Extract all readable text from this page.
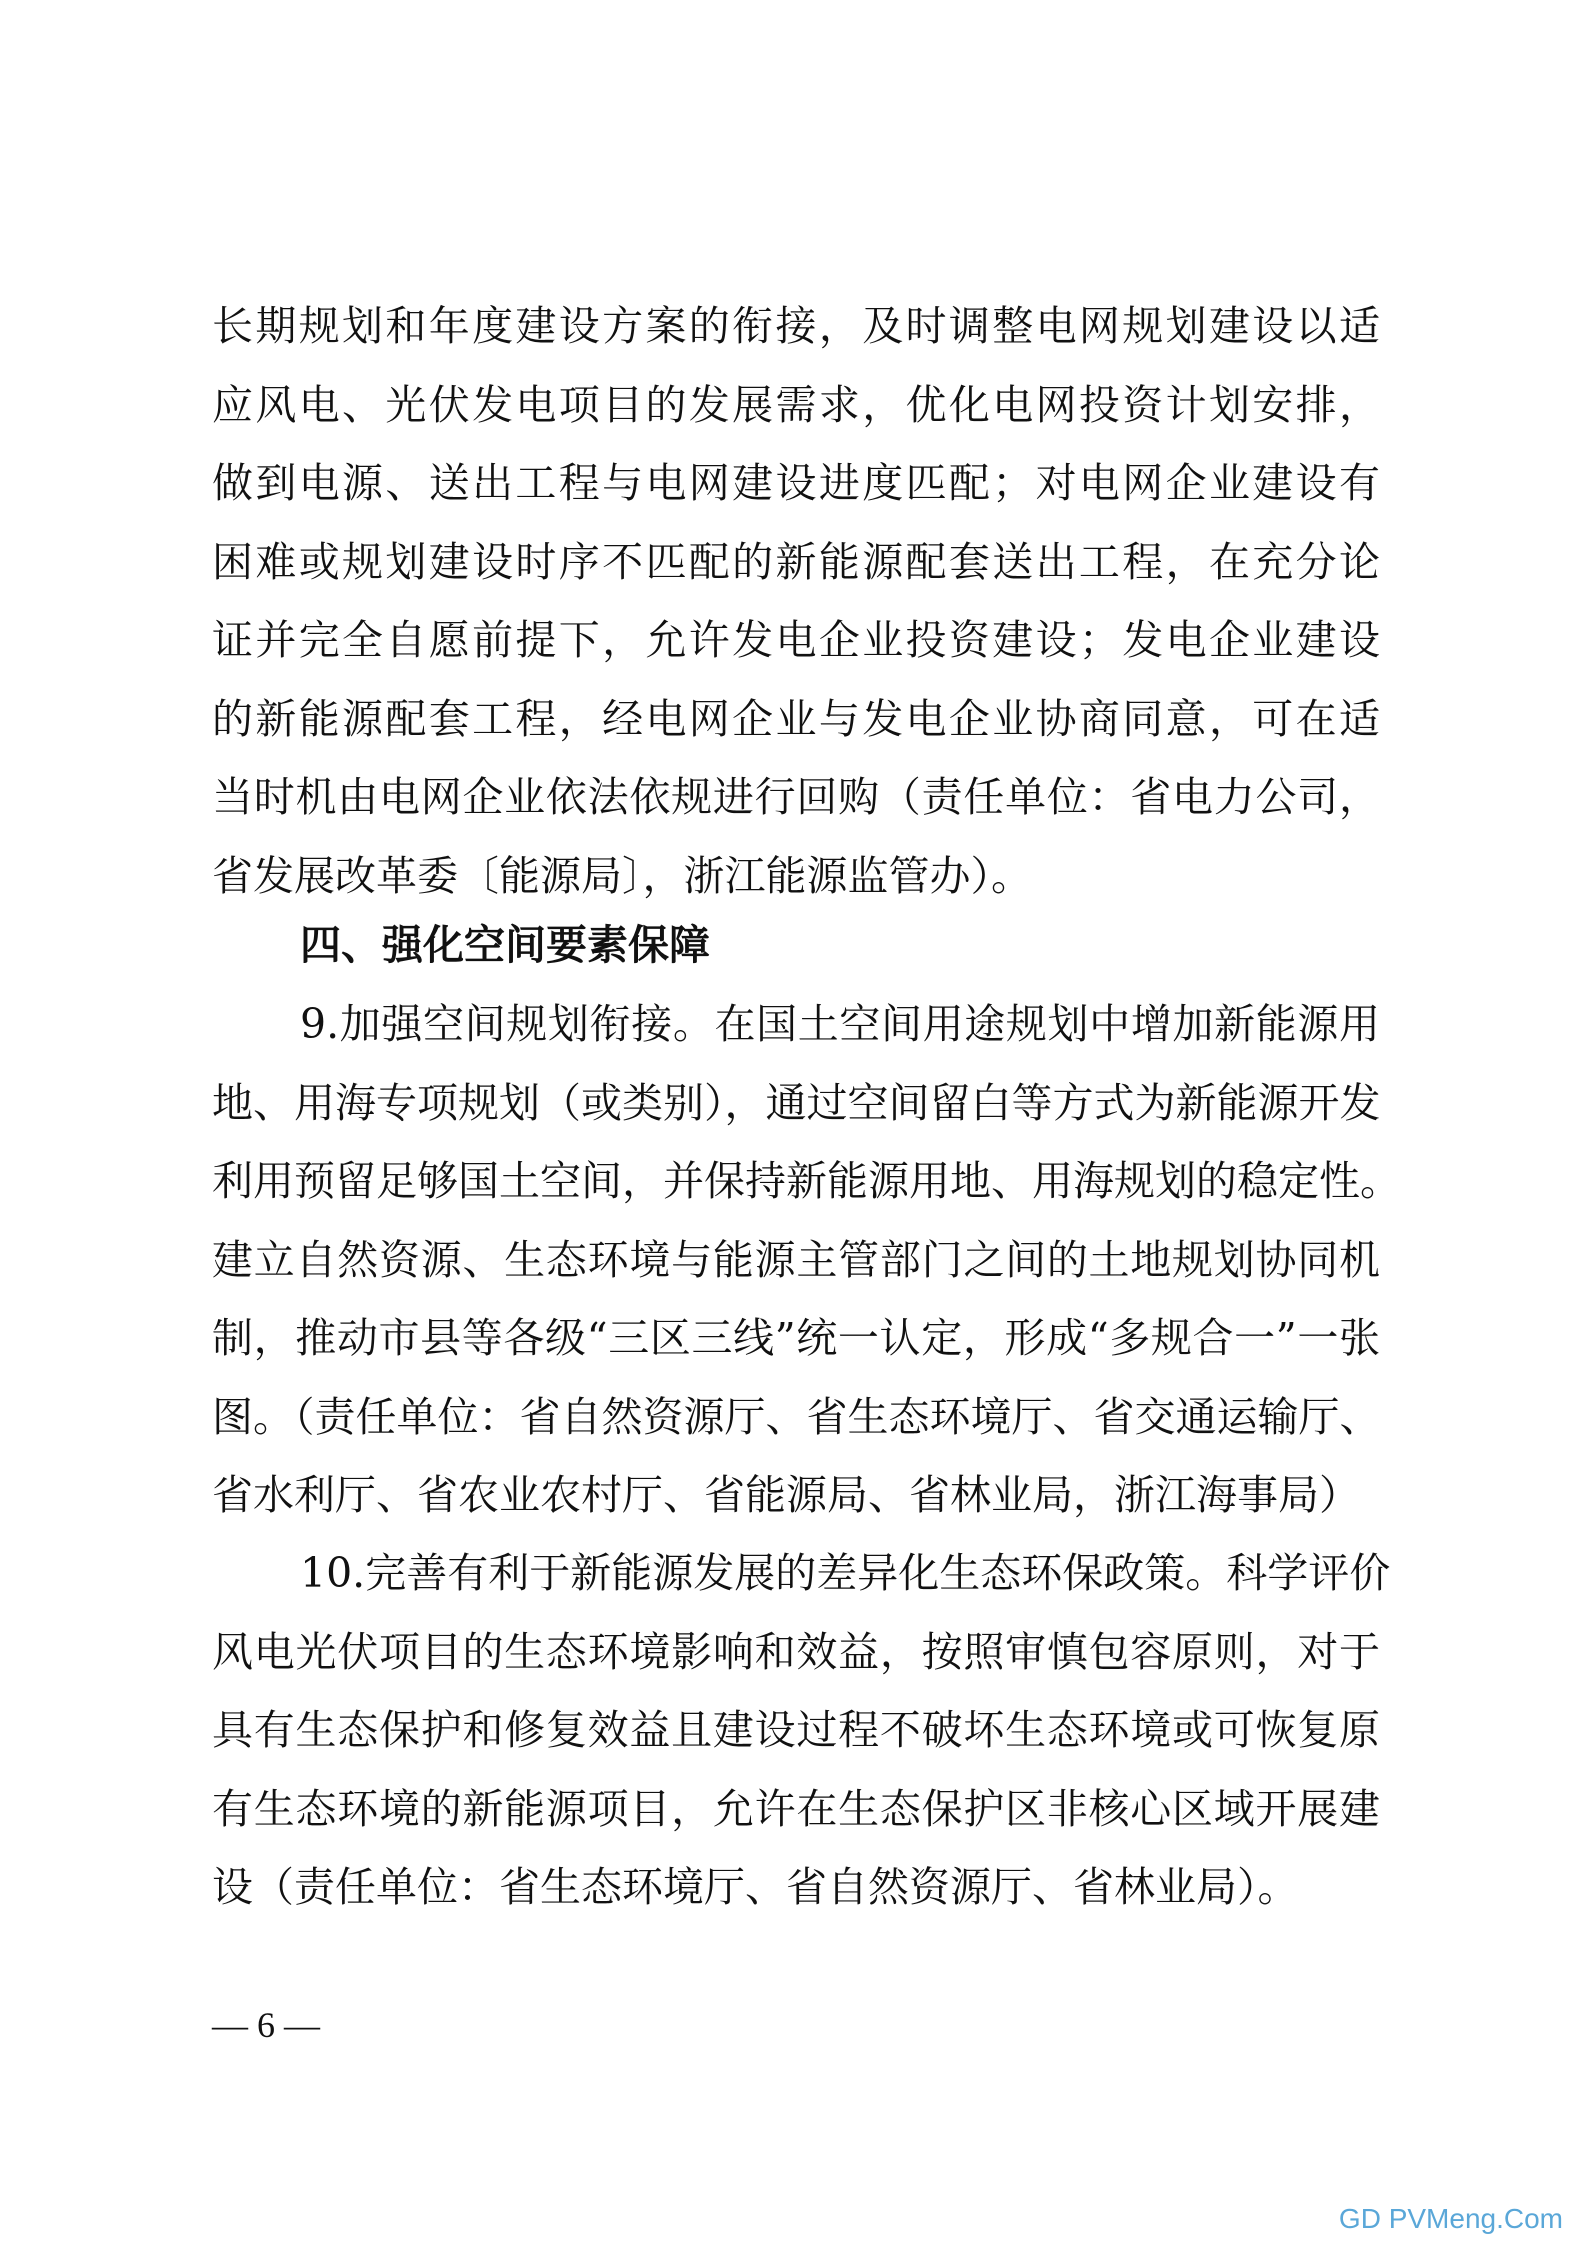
长期规划和年度建设方案的衔接，及时调整电网规划建设以适
应风电、光伏发电项目的发展需求，优化电网投资计划安排，
做到电源、送出工程与电网建设进度匹配；对电网企业建设有
困难或规划建设时序不匹配的新能源配套送出工程，在充分论
证并完全自愿前提下，允许发电企业投资建设；发电企业建设
的新能源配套工程，经电网企业与发电企业协商同意，可在适
当时机由电网企业依法依规进行回购（责任单位：省电力公司，
省发展改革委〔能源局〕，浙江能源监管办）。
四、强化空间要素保障
9.加强空间规划衔接。在国土空间用途规划中增加新能源用
地、用海专项规划（或类别），通过空间留白等方式为新能源开发
利用预留足够国土空间，并保持新能源用地、用海规划的稳定性。
建立自然资源、生态环境与能源主管部门之间的土地规划协同机
制，推动市县等各级“三区三线”统一认定，形成“多规合一”一张
图。（责任单位：省自然资源厅、省生态环境厅、省交通运输厅、
省水利厅、省农业农村厅、省能源局、省林业局，浙江海事局）
10.完善有利于新能源发展的差异化生态环保政策。科学评价
风电光伏项目的生态环境影响和效益，按照审慎包容原则，对于
具有生态保护和修复效益且建设过程不破坏生态环境或可恢复原
有生态环境的新能源项目，允许在生态保护区非核心区域开展建
设（责任单位：省生态环境厅、省自然资源厅、省林业局）。
— 6 —
GD PVMeng.Com
